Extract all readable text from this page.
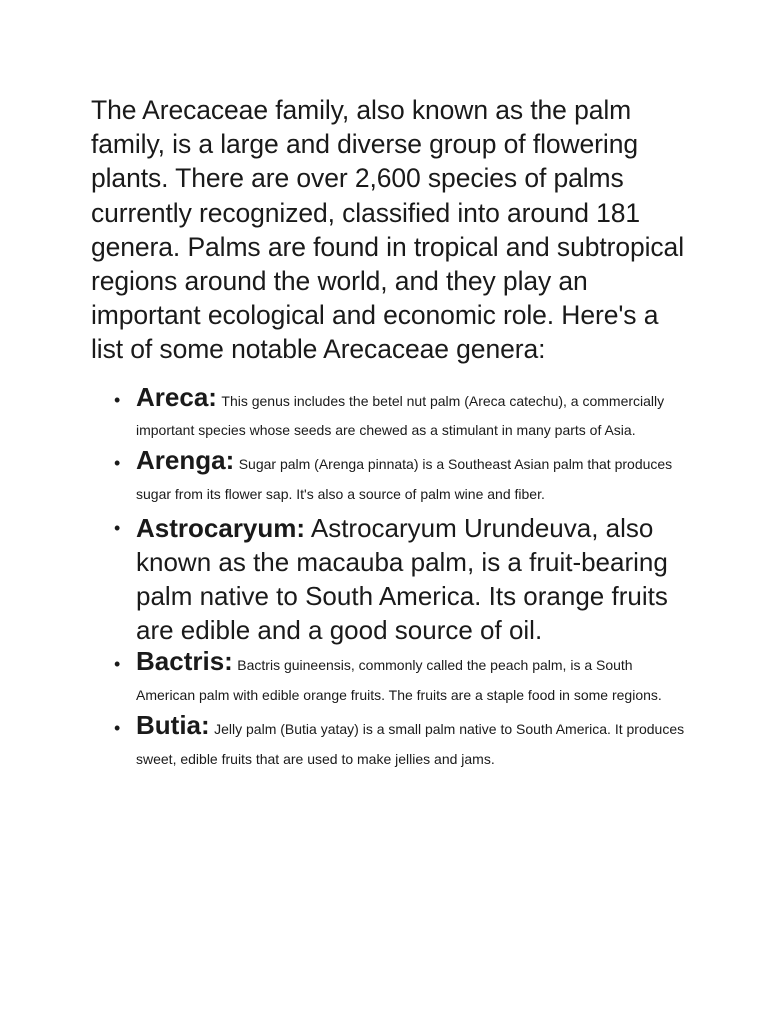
The Arecaceae family, also known as the palm family, is a large and diverse group of flowering plants. There are over 2,600 species of palms currently recognized, classified into around 181 genera. Palms are found in tropical and subtropical regions around the world, and they play an important ecological and economic role. Here's a list of some notable Arecaceae genera:

• Areca: This genus includes the betel nut palm (Areca catechu), a commercially important species whose seeds are chewed as a stimulant in many parts of Asia.
• Arenga: Sugar palm (Arenga pinnata) is a Southeast Asian palm that produces sugar from its flower sap. It's also a source of palm wine and fiber.
• Astrocaryum: Astrocaryum Urundeuva, also known as the macauba palm, is a fruit-bearing palm native to South America. Its orange fruits are edible and a good source of oil.
• Bactris: Bactris guineensis, commonly called the peach palm, is a South American palm with edible orange fruits. The fruits are a staple food in some regions.
• Butia: Jelly palm (Butia yatay) is a small palm native to South America. It produces sweet, edible fruits that are used to make jellies and jams.
